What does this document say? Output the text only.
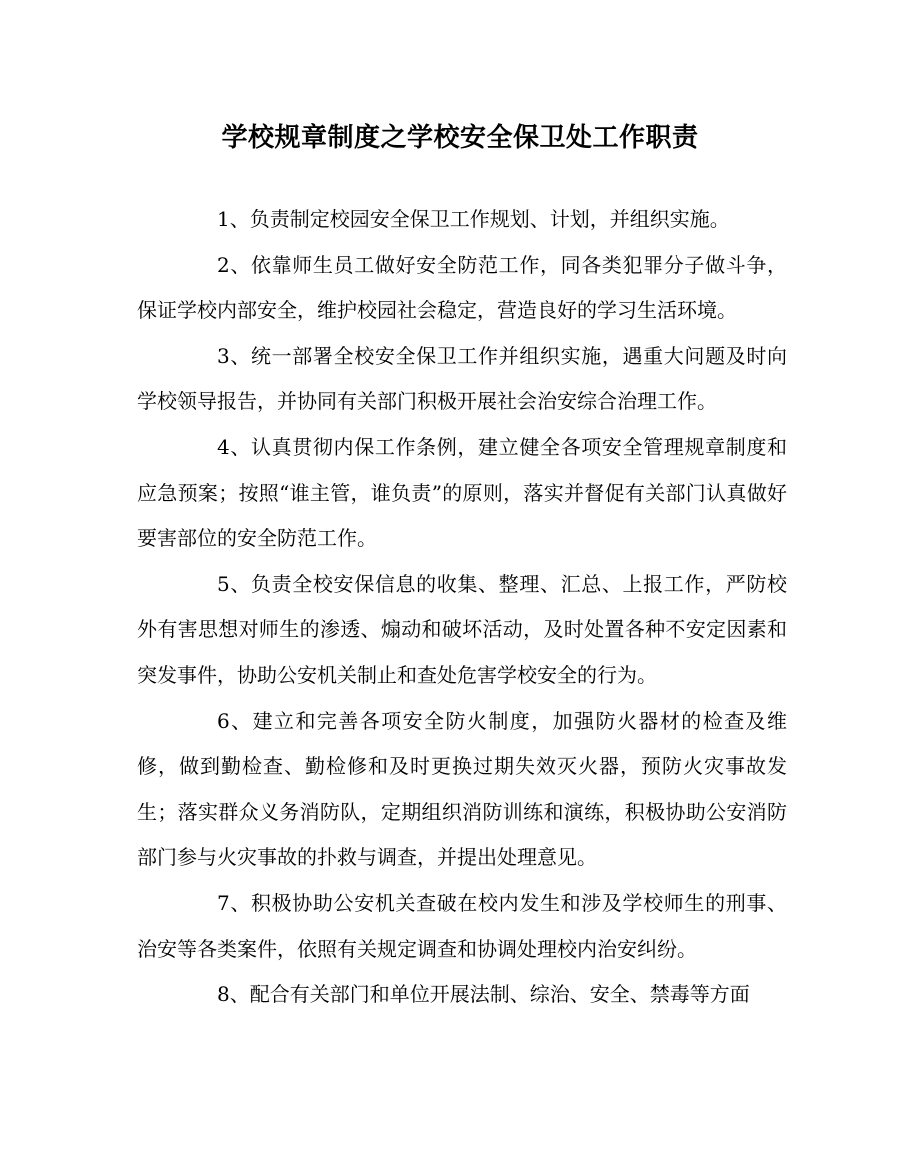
学校规章制度之学校安全保卫处工作职责

1、负责制定校园安全保卫工作规划、计划，并组织实施。

2、依靠师生员工做好安全防范工作，同各类犯罪分子做斗争，保证学校内部安全，维护校园社会稳定，营造良好的学习生活环境。

3、统一部署全校安全保卫工作并组织实施，遇重大问题及时向学校领导报告，并协同有关部门积极开展社会治安综合治理工作。

4、认真贯彻内保工作条例，建立健全各项安全管理规章制度和应急预案；按照“谁主管，谁负责”的原则，落实并督促有关部门认真做好要害部位的安全防范工作。

5、负责全校安保信息的收集、整理、汇总、上报工作，严防校外有害思想对师生的渗透、煽动和破坏活动，及时处置各种不安定因素和突发事件，协助公安机关制止和查处危害学校安全的行为。

6、建立和完善各项安全防火制度，加强防火器材的检查及维修，做到勤检查、勤检修和及时更换过期失效灭火器，预防火灾事故发生；落实群众义务消防队，定期组织消防训练和演练，积极协助公安消防部门参与火灾事故的扑救与调查，并提出处理意见。

7、积极协助公安机关查破在校内发生和涉及学校师生的刑事、治安等各类案件，依照有关规定调查和协调处理校内治安纠纷。

8、配合有关部门和单位开展法制、综治、安全、禁毒等方面
